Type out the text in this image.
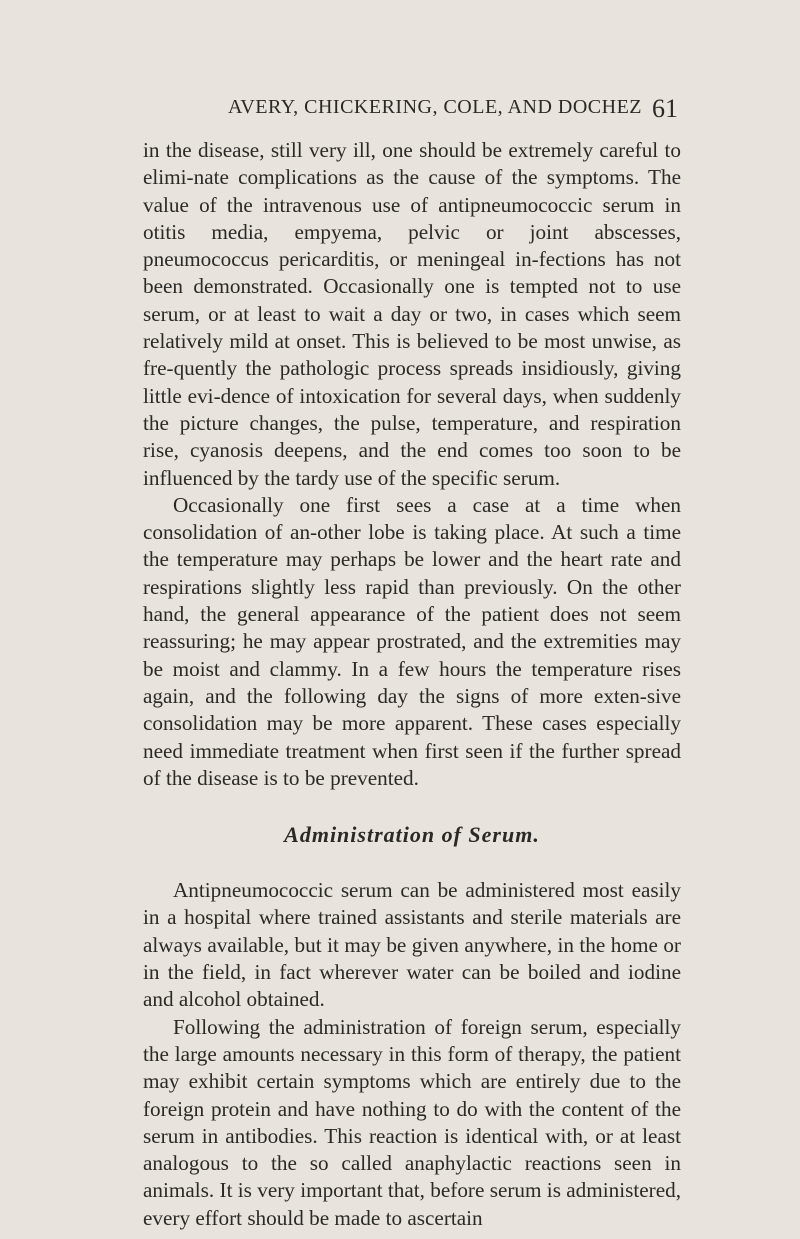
AVERY, CHICKERING, COLE, AND DOCHEZ 61

in the disease, still very ill, one should be extremely careful to elimi-nate complications as the cause of the symptoms. The value of the intravenous use of antipneumococcic serum in otitis media, empyema, pelvic or joint abscesses, pneumococcus pericarditis, or meningeal in-fections has not been demonstrated. Occasionally one is tempted not to use serum, or at least to wait a day or two, in cases which seem relatively mild at onset. This is believed to be most unwise, as fre-quently the pathologic process spreads insidiously, giving little evi-dence of intoxication for several days, when suddenly the picture changes, the pulse, temperature, and respiration rise, cyanosis deepens, and the end comes too soon to be influenced by the tardy use of the specific serum.

Occasionally one first sees a case at a time when consolidation of an-other lobe is taking place. At such a time the temperature may perhaps be lower and the heart rate and respirations slightly less rapid than previously. On the other hand, the general appearance of the patient does not seem reassuring; he may appear prostrated, and the extremities may be moist and clammy. In a few hours the temperature rises again, and the following day the signs of more exten-sive consolidation may be more apparent. These cases especially need immediate treatment when first seen if the further spread of the disease is to be prevented.

Administration of Serum.

Antipneumococcic serum can be administered most easily in a hospital where trained assistants and sterile materials are always available, but it may be given anywhere, in the home or in the field, in fact wherever water can be boiled and iodine and alcohol obtained.

Following the administration of foreign serum, especially the large amounts necessary in this form of therapy, the patient may exhibit certain symptoms which are entirely due to the foreign protein and have nothing to do with the content of the serum in antibodies. This reaction is identical with, or at least analogous to the so called anaphylactic reactions seen in animals. It is very important that, before serum is administered, every effort should be made to ascertain
